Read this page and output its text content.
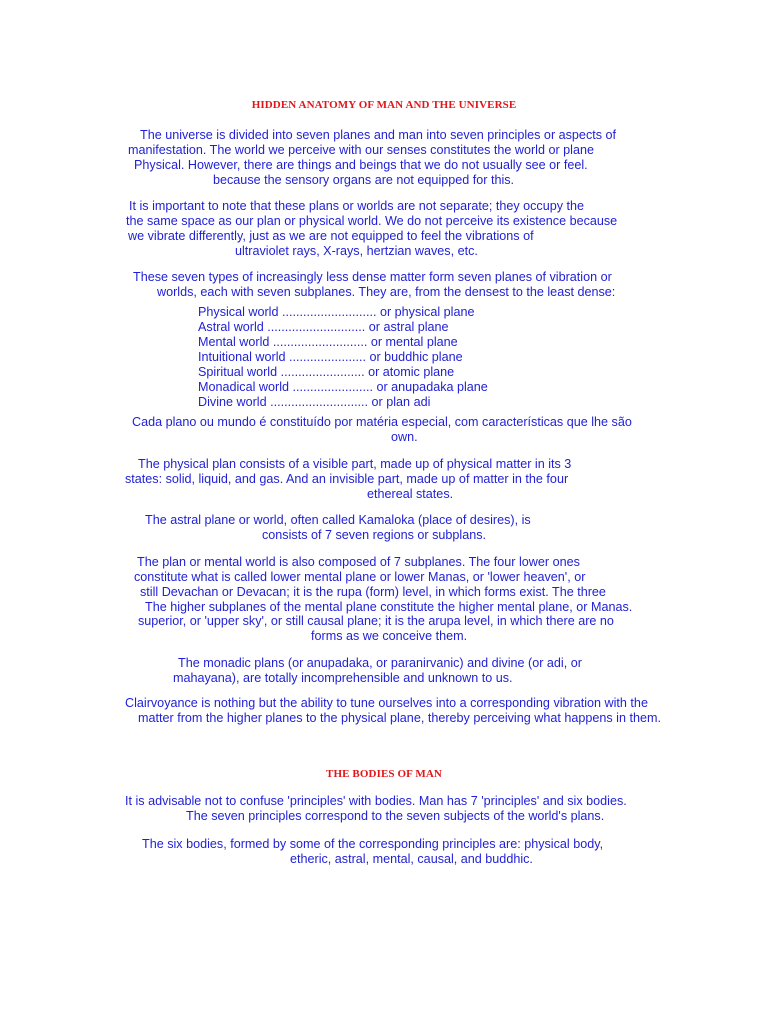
HIDDEN ANATOMY OF MAN AND THE UNIVERSE
The universe is divided into seven planes and man into seven principles or aspects of
manifestation. The world we perceive with our senses constitutes the world or plane
Physical. However, there are things and beings that we do not usually see or feel.
because the sensory organs are not equipped for this.
It is important to note that these plans or worlds are not separate; they occupy the
the same space as our plan or physical world. We do not perceive its existence because
we vibrate differently, just as we are not equipped to feel the vibrations of
ultraviolet rays, X-rays, hertzian waves, etc.
These seven types of increasingly less dense matter form seven planes of vibration or
worlds, each with seven subplanes. They are, from the densest to the least dense:
Physical world ........................... or physical plane
Astral world ............................ or astral plane
Mental world ........................... or mental plane
Intuitional world ...................... or buddhic plane
Spiritual world ........................ or atomic plane
Monadical world ....................... or anupadaka plane
Divine world ............................ or plan adi
Cada plano ou mundo é constituído por matéria especial, com características que lhe são
own.
The physical plan consists of a visible part, made up of physical matter in its 3
states: solid, liquid, and gas. And an invisible part, made up of matter in the four
ethereal states.
The astral plane or world, often called Kamaloka (place of desires), is
consists of 7 seven regions or subplans.
The plan or mental world is also composed of 7 subplanes. The four lower ones
constitute what is called lower mental plane or lower Manas, or 'lower heaven', or
still Devachan or Devacan; it is the rupa (form) level, in which forms exist. The three
The higher subplanes of the mental plane constitute the higher mental plane, or Manas.
superior, or 'upper sky', or still causal plane; it is the arupa level, in which there are no
forms as we conceive them.
The monadic plans (or anupadaka, or paranirvanic) and divine (or adi, or
mahayana), are totally incomprehensible and unknown to us.
Clairvoyance is nothing but the ability to tune ourselves into a corresponding vibration with the
matter from the higher planes to the physical plane, thereby perceiving what happens in them.
THE BODIES OF MAN
It is advisable not to confuse 'principles' with bodies. Man has 7 'principles' and six bodies.
The seven principles correspond to the seven subjects of the world's plans.
The six bodies, formed by some of the corresponding principles are: physical body,
etheric, astral, mental, causal, and buddhic.
